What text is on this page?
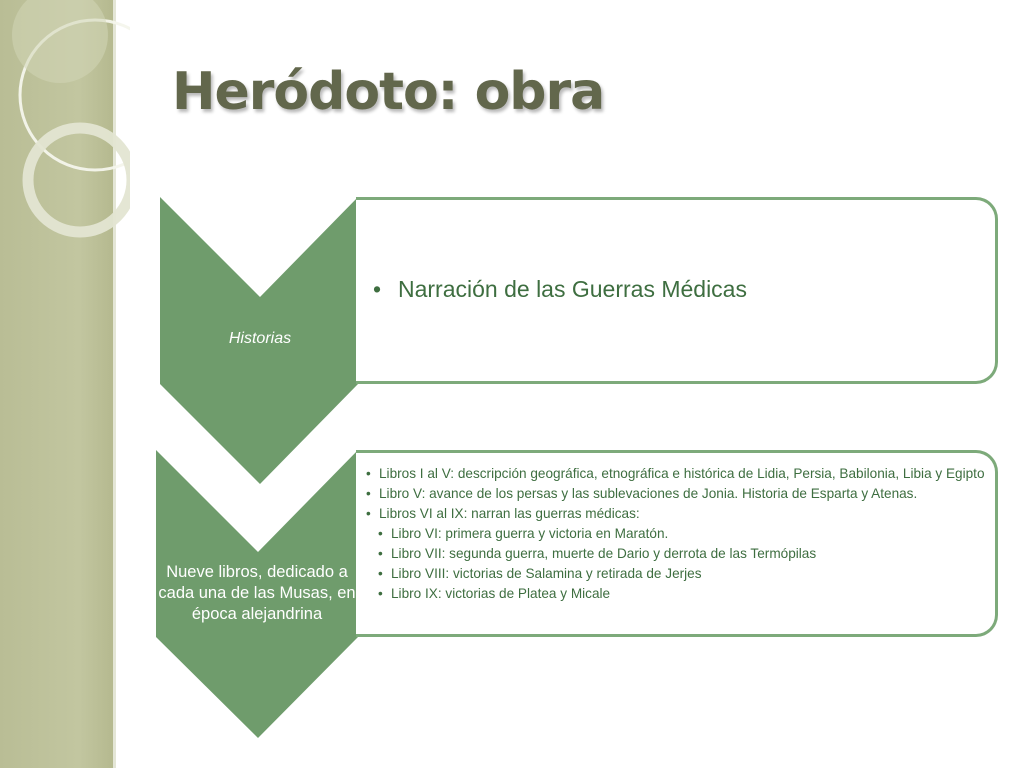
Heródoto: obra
Historias
Nueve libros, dedicado a cada una de las Musas, en época alejandrina
• Narración de las Guerras Médicas
• Libros I al V: descripción geográfica, etnográfica e histórica de Lidia, Persia, Babilonia, Libia y Egipto
• Libro V: avance de los persas y las sublevaciones de Jonia. Historia de Esparta y Atenas.
• Libros VI al IX: narran las guerras médicas:
• Libro VI: primera guerra y victoria en Maratón.
• Libro VII: segunda guerra, muerte de Dario y derrota de las Termópilas
• Libro VIII: victorias de Salamina y retirada de Jerjes
• Libro IX: victorias de Platea y Micale
